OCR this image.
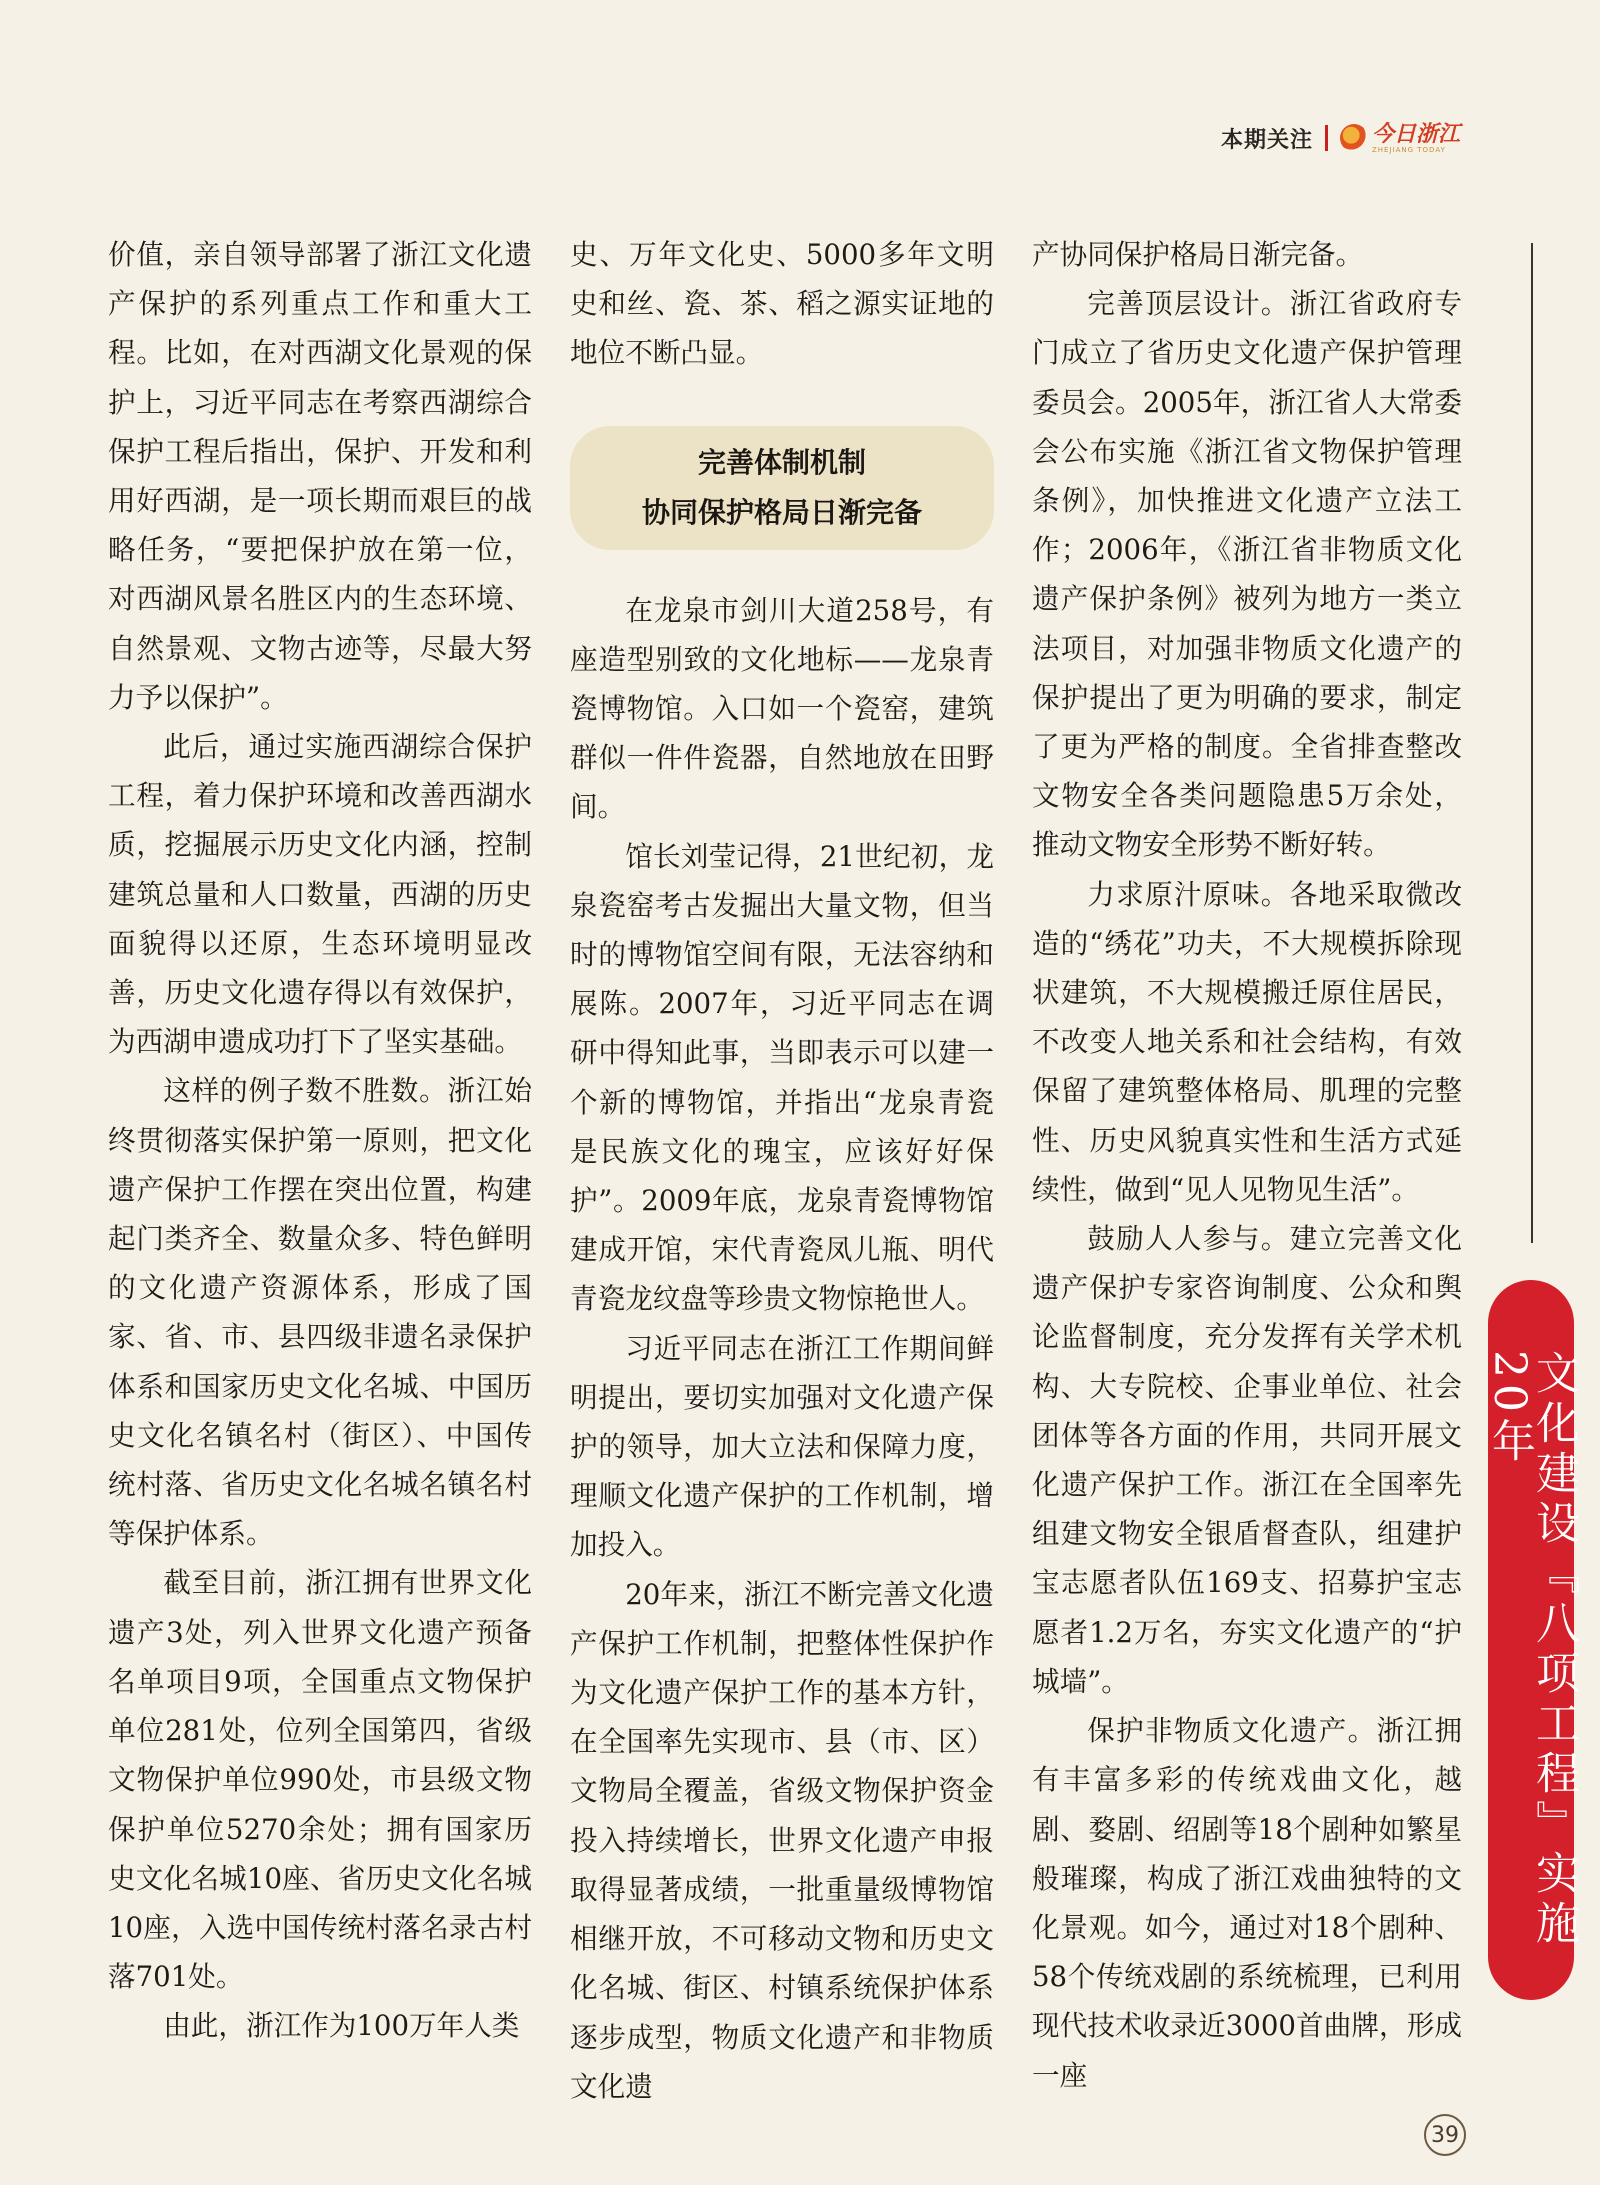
本期关注	今日浙江
ZHEJIANG TODAY

价值，亲自领导部署了浙江文化遗产保护的系列重点工作和重大工程。比如，在对西湖文化景观的保护上，习近平同志在考察西湖综合保护工程后指出，保护、开发和利用好西湖，是一项长期而艰巨的战略任务，“要把保护放在第一位，对西湖风景名胜区内的生态环境、自然景观、文物古迹等，尽最大努力予以保护”。

此后，通过实施西湖综合保护工程，着力保护环境和改善西湖水质，挖掘展示历史文化内涵，控制建筑总量和人口数量，西湖的历史面貌得以还原，生态环境明显改善，历史文化遗存得以有效保护，为西湖申遗成功打下了坚实基础。

这样的例子数不胜数。浙江始终贯彻落实保护第一原则，把文化遗产保护工作摆在突出位置，构建起门类齐全、数量众多、特色鲜明的文化遗产资源体系，形成了国家、省、市、县四级非遗名录保护体系和国家历史文化名城、中国历史文化名镇名村（街区）、中国传统村落、省历史文化名城名镇名村等保护体系。

截至目前，浙江拥有世界文化遗产3处，列入世界文化遗产预备名单项目9项，全国重点文物保护单位281处，位列全国第四，省级文物保护单位990处，市县级文物保护单位5270余处；拥有国家历史文化名城10座、省历史文化名城10座，入选中国传统村落名录古村落701处。

由此，浙江作为100万年人类

史、万年文化史、5000多年文明史和丝、瓷、茶、稻之源实证地的地位不断凸显。

完善体制机制
协同保护格局日渐完备

在龙泉市剑川大道258号，有座造型别致的文化地标——龙泉青瓷博物馆。入口如一个瓷窑，建筑群似一件件瓷器，自然地放在田野间。

馆长刘莹记得，21世纪初，龙泉瓷窑考古发掘出大量文物，但当时的博物馆空间有限，无法容纳和展陈。2007年，习近平同志在调研中得知此事，当即表示可以建一个新的博物馆，并指出“龙泉青瓷是民族文化的瑰宝，应该好好保护”。2009年底，龙泉青瓷博物馆建成开馆，宋代青瓷凤儿瓶、明代青瓷龙纹盘等珍贵文物惊艳世人。

习近平同志在浙江工作期间鲜明提出，要切实加强对文化遗产保护的领导，加大立法和保障力度，理顺文化遗产保护的工作机制，增加投入。

20年来，浙江不断完善文化遗产保护工作机制，把整体性保护作为文化遗产保护工作的基本方针，在全国率先实现市、县（市、区）文物局全覆盖，省级文物保护资金投入持续增长，世界文化遗产申报取得显著成绩，一批重量级博物馆相继开放，不可移动文物和历史文化名城、街区、村镇系统保护体系逐步成型，物质文化遗产和非物质文化遗

产协同保护格局日渐完备。

完善顶层设计。浙江省政府专门成立了省历史文化遗产保护管理委员会。2005年，浙江省人大常委会公布实施《浙江省文物保护管理条例》，加快推进文化遗产立法工作；2006年，《浙江省非物质文化遗产保护条例》被列为地方一类立法项目，对加强非物质文化遗产的保护提出了更为明确的要求，制定了更为严格的制度。全省排查整改文物安全各类问题隐患5万余处，推动文物安全形势不断好转。

力求原汁原味。各地采取微改造的“绣花”功夫，不大规模拆除现状建筑，不大规模搬迁原住居民，不改变人地关系和社会结构，有效保留了建筑整体格局、肌理的完整性、历史风貌真实性和生活方式延续性，做到“见人见物见生活”。

鼓励人人参与。建立完善文化遗产保护专家咨询制度、公众和舆论监督制度，充分发挥有关学术机构、大专院校、企事业单位、社会团体等各方面的作用，共同开展文化遗产保护工作。浙江在全国率先组建文物安全银盾督查队，组建护宝志愿者队伍169支、招募护宝志愿者1.2万名，夯实文化遗产的“护城墙”。

保护非物质文化遗产。浙江拥有丰富多彩的传统戏曲文化，越剧、婺剧、绍剧等18个剧种如繁星般璀璨，构成了浙江戏曲独特的文化景观。如今，通过对18个剧种、58个传统戏剧的系统梳理，已利用现代技术收录近3000首曲牌，形成一座

文化建设『八项工程』实施20年
39
